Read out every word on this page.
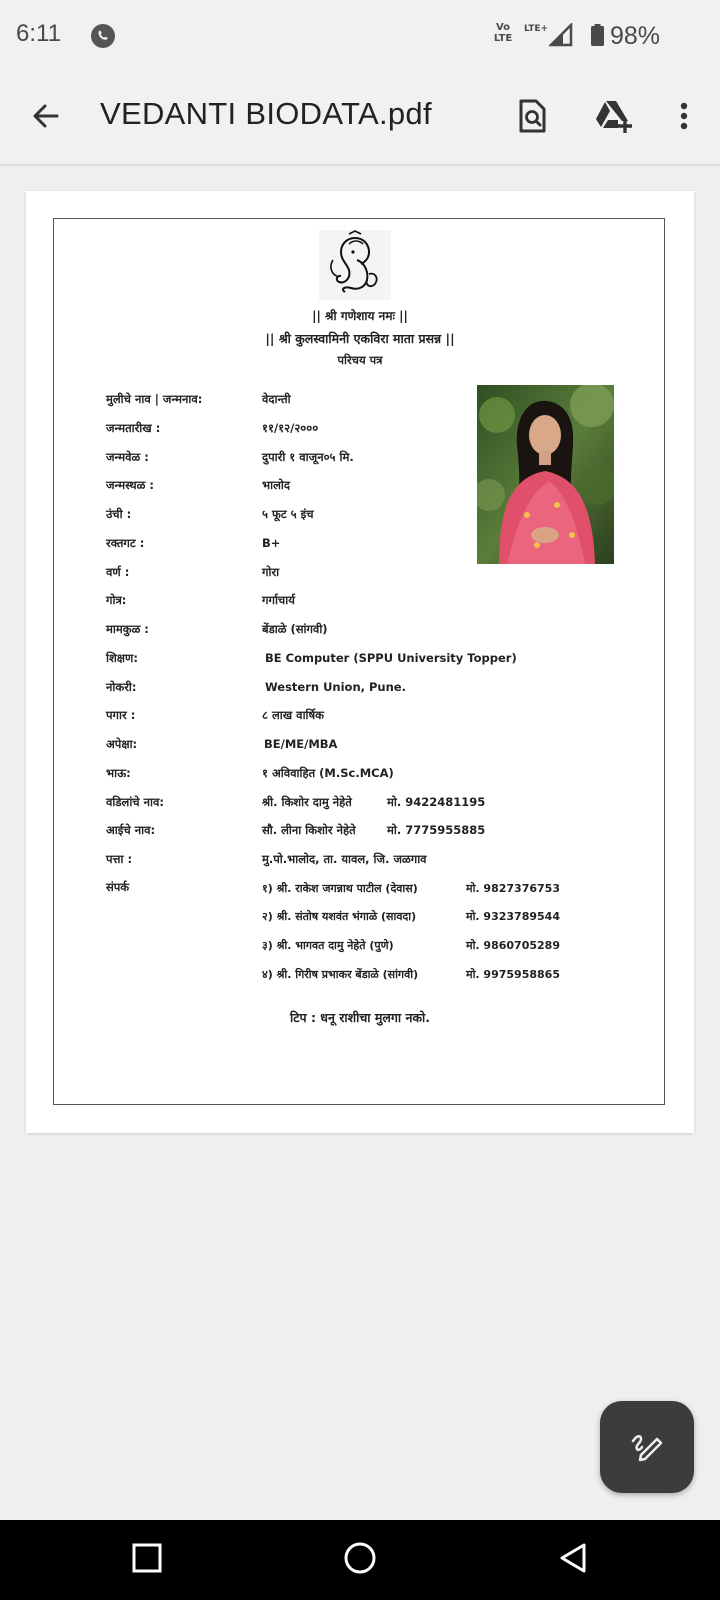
6:11	Vo LTE
LTE+ 98%
VEDANTI BIODATA.pdf
|| श्री गणेशाय नमः ||
|| श्री कुलस्वामिनी एकविरा माता प्रसन्न ||
परिचय पत्र
मुलीचे नाव | जन्मनाव:	वेदान्ती
जन्मतारीख :	११/१२/२०००
जन्मवेळ :	दुपारी १ वाजून०५ मि.
जन्मस्थळ :	भालोद
उंची :	५ फूट ५ इंच
रक्तगट :	B+
वर्ण :	गोरा
गोत्र:	गर्गाचार्य
मामकुळ :	बेंडाळे (सांगवी)
शिक्षण:	BE Computer (SPPU University Topper)
नोकरी:	Western Union, Pune.
पगार :	८ लाख वार्षिक
अपेक्षा:	BE/ME/MBA
भाऊ:	१ अविवाहित (M.Sc.MCA)
वडिलांचे नाव:	श्री. किशोर दामु नेहेते	मो. 9422481195
आईचे नाव:	सौ. लीना किशोर नेहेते	मो. 7775955885
पत्ता :	मु.पो.भालोद, ता. यावल, जि. जळगाव
संपर्क	१) श्री. राकेश जगन्नाथ पाटील (देवास)	मो. 9827376753
२) श्री. संतोष यशवंत भंगाळे (सावदा)	मो. 9323789544
३) श्री. भागवत दामु नेहेते (पुणे)	मो. 9860705289
४) श्री. गिरीष प्रभाकर बेंडाळे (सांगवी)	मो. 9975958865
टिप : धनू राशीचा मुलगा नको.
